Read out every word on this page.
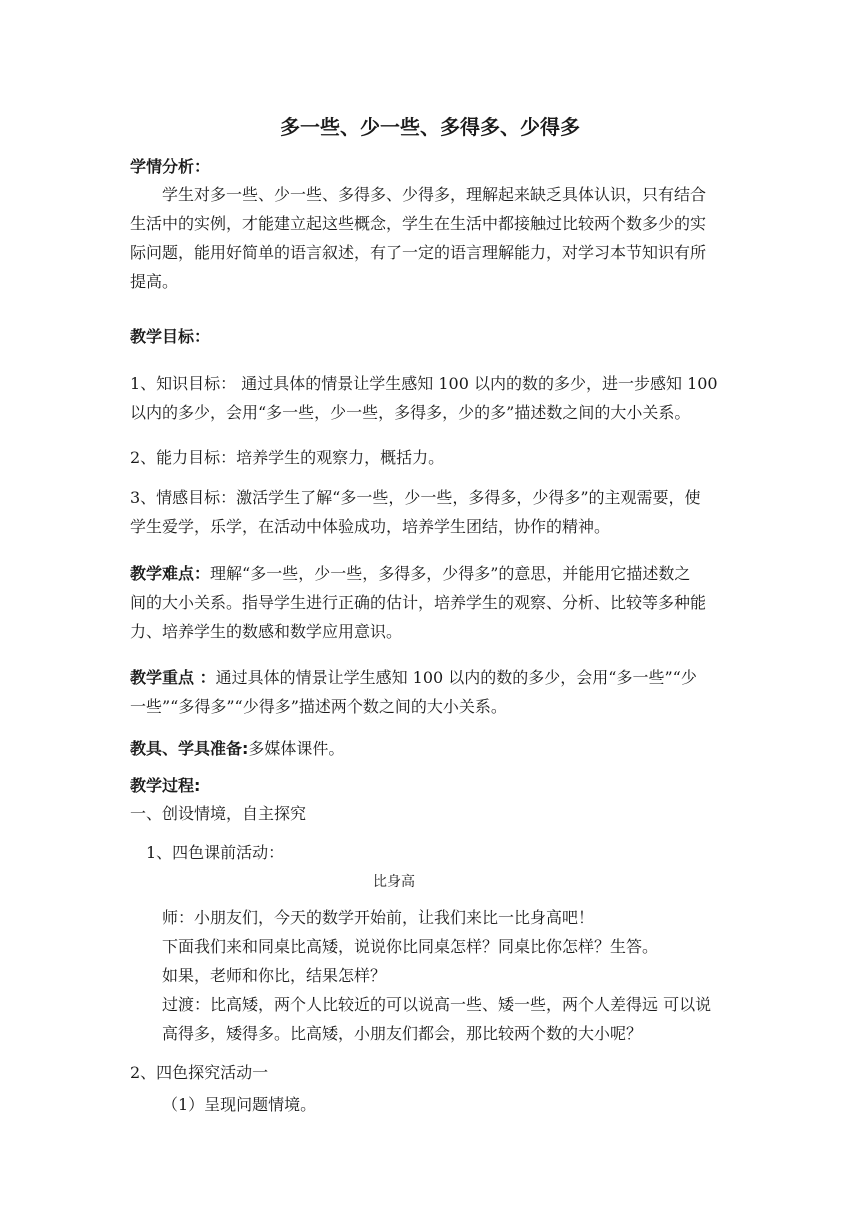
多一些、少一些、多得多、少得多
学情分析：
学生对多一些、少一些、多得多、少得多，理解起来缺乏具体认识，只有结合
生活中的实例，才能建立起这些概念，学生在生活中都接触过比较两个数多少的实
际问题，能用好简单的语言叙述，有了一定的语言理解能力，对学习本节知识有所
提高。
教学目标：
1、知识目标： 通过具体的情景让学生感知 100 以内的数的多少，进一步感知 100
以内的多少，会用“多一些，少一些，多得多，少的多”描述数之间的大小关系。
2、能力目标：培养学生的观察力，概括力。
3、情感目标：激活学生了解“多一些，少一些，多得多，少得多”的主观需要，使
学生爱学，乐学，在活动中体验成功，培养学生团结，协作的精神。
教学难点：理解“多一些，少一些，多得多，少得多”的意思，并能用它描述数之
间的大小关系。指导学生进行正确的估计，培养学生的观察、分析、比较等多种能
力、培养学生的数感和数学应用意识。
教学重点 ：通过具体的情景让学生感知 100 以内的数的多少，会用“多一些”“少
一些”“多得多”“少得多”描述两个数之间的大小关系。
教具、学具准备:多媒体课件。
教学过程:
一、创设情境，自主探究
1、四色课前活动：
比身高
师：小朋友们，今天的数学开始前，让我们来比一比身高吧！
下面我们来和同桌比高矮，说说你比同桌怎样？同桌比你怎样？生答。
如果，老师和你比，结果怎样？
过渡：比高矮，两个人比较近的可以说高一些、矮一些，两个人差得远 可以说
高得多，矮得多。比高矮，小朋友们都会，那比较两个数的大小呢？
2、四色探究活动一
（1）呈现问题情境。
